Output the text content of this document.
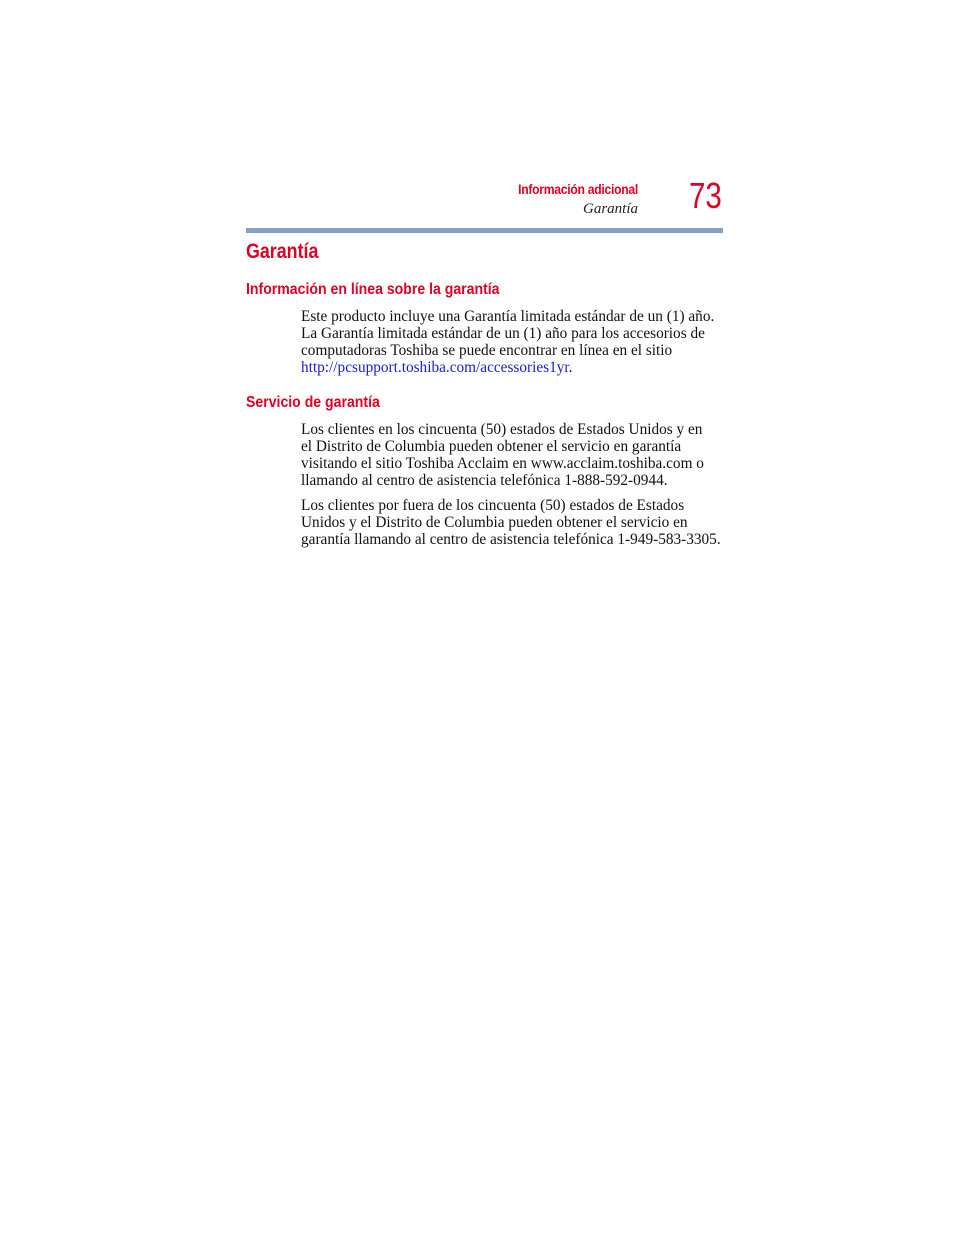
Información adicional
Garantía 73
Garantía
Información en línea sobre la garantía
Este producto incluye una Garantía limitada estándar de un (1) año.
La Garantía limitada estándar de un (1) año para los accesorios de
computadoras Toshiba se puede encontrar en línea en el sitio
http://pcsupport.toshiba.com/accessories1yr.
Servicio de garantía
Los clientes en los cincuenta (50) estados de Estados Unidos y en
el Distrito de Columbia pueden obtener el servicio en garantía
visitando el sitio Toshiba Acclaim en www.acclaim.toshiba.com o
llamando al centro de asistencia telefónica 1-888-592-0944.
Los clientes por fuera de los cincuenta (50) estados de Estados
Unidos y el Distrito de Columbia pueden obtener el servicio en
garantía llamando al centro de asistencia telefónica 1-949-583-3305.
